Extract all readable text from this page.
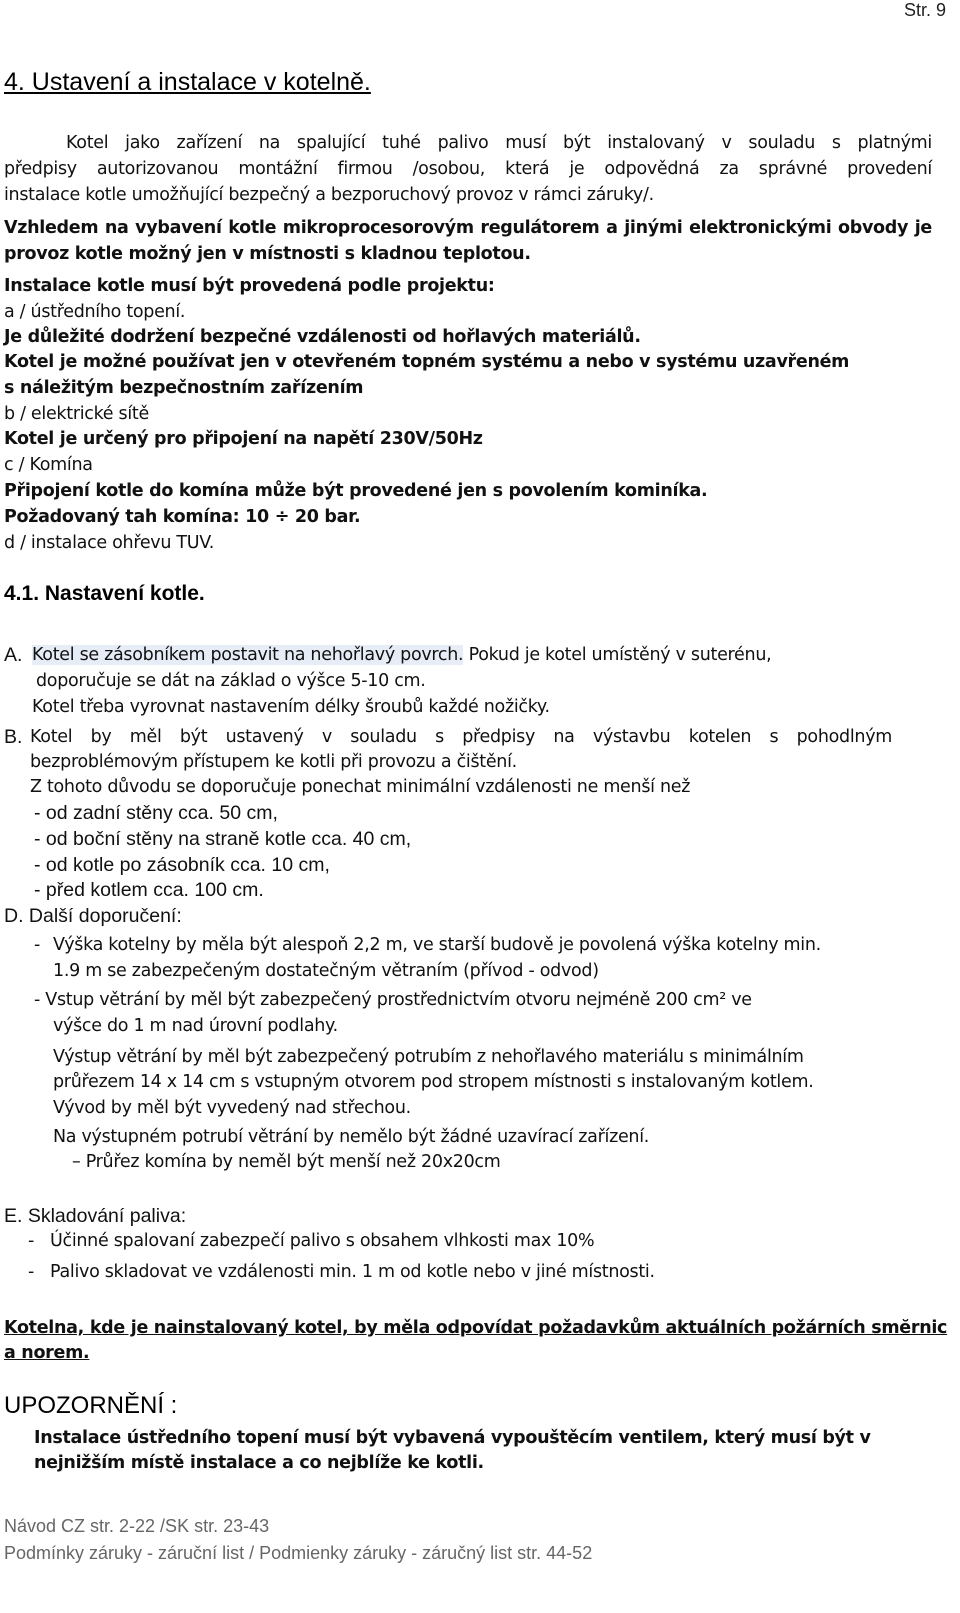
Str. 9
4. Ustavení a instalace v kotelně.
Kotel jako zařízení na spalující tuhé palivo musí být instalovaný v souladu s platnými
předpisy autorizovanou montážní firmou /osobou, která je odpovědná za správné provedení
instalace kotle umožňující bezpečný a bezporuchový provoz v rámci záruky/.
Vzhledem na vybavení kotle mikroprocesorovým regulátorem a jinými elektronickými obvody je
provoz kotle možný jen v místnosti s kladnou teplotou.
Instalace kotle musí být provedená podle projektu:
a / ústředního topení.
Je důležité dodržení bezpečné vzdálenosti od hořlavých materiálů.
Kotel je možné používat jen v otevřeném topném systému a nebo v systému uzavřeném
s náležitým bezpečnostním zařízením
b / elektrické sítě
Kotel je určený pro připojení na napětí 230V/50Hz
c / Komína
Připojení kotle do komína může být provedené jen s povolením kominíka.
Požadovaný tah komína: 10 ÷ 20 bar.
d / instalace ohřevu TUV.
4.1. Nastavení kotle.
A. Kotel se zásobníkem postavit na nehořlavý povrch. Pokud je kotel umístěný v suterénu,
doporučuje se dát na základ o výšce 5-10 cm.
Kotel třeba vyrovnat nastavením délky šroubů každé nožičky.
B. Kotel by měl být ustavený v souladu s předpisy na výstavbu kotelen s pohodlným
bezproblémovým přístupem ke kotli při provozu a čištění.
Z tohoto důvodu se doporučuje ponechat minimální vzdálenosti ne menší než
- od zadní stěny cca. 50 cm,
- od boční stěny na straně kotle cca. 40 cm,
- od kotle po zásobník cca. 10 cm,
- před kotlem cca. 100 cm.
D. Další doporučení:
- Výška kotelny by měla být alespoň 2,2 m, ve starší budově je povolená výška kotelny min.
1.9 m se zabezpečeným dostatečným větraním (přívod - odvod)
- Vstup větrání by měl být zabezpečený prostřednictvím otvoru nejméně 200 cm² ve
výšce do 1 m nad úrovní podlahy.
Výstup větrání by měl být zabezpečený potrubím z nehořlavého materiálu s minimálním
průřezem 14 x 14 cm s vstupným otvorem pod stropem místnosti s instalovaným kotlem.
Vývod by měl být vyvedený nad střechou.
Na výstupném potrubí větrání by nemělo být žádné uzavírací zařízení.
– Průřez komína by neměl být menší než 20x20cm
E. Skladování paliva:
- Účinné spalovaní zabezpečí palivo s obsahem vlhkosti max 10%
- Palivo skladovat ve vzdálenosti min. 1 m od kotle nebo v jiné místnosti.
Kotelna, kde je nainstalovaný kotel, by měla odpovídat požadavkům aktuálních požárních smĕrnic
a norem.
UPOZORNĚNÍ :
Instalace ústředního topení musí být vybavená vypouštěcím ventilem, který musí být v
nejnižším místě instalace a co nejblíže ke kotli.
Návod CZ str. 2-22 /SK str. 23-43
Podmínky záruky - záruční list / Podmienky záruky - záručný list str. 44-52
